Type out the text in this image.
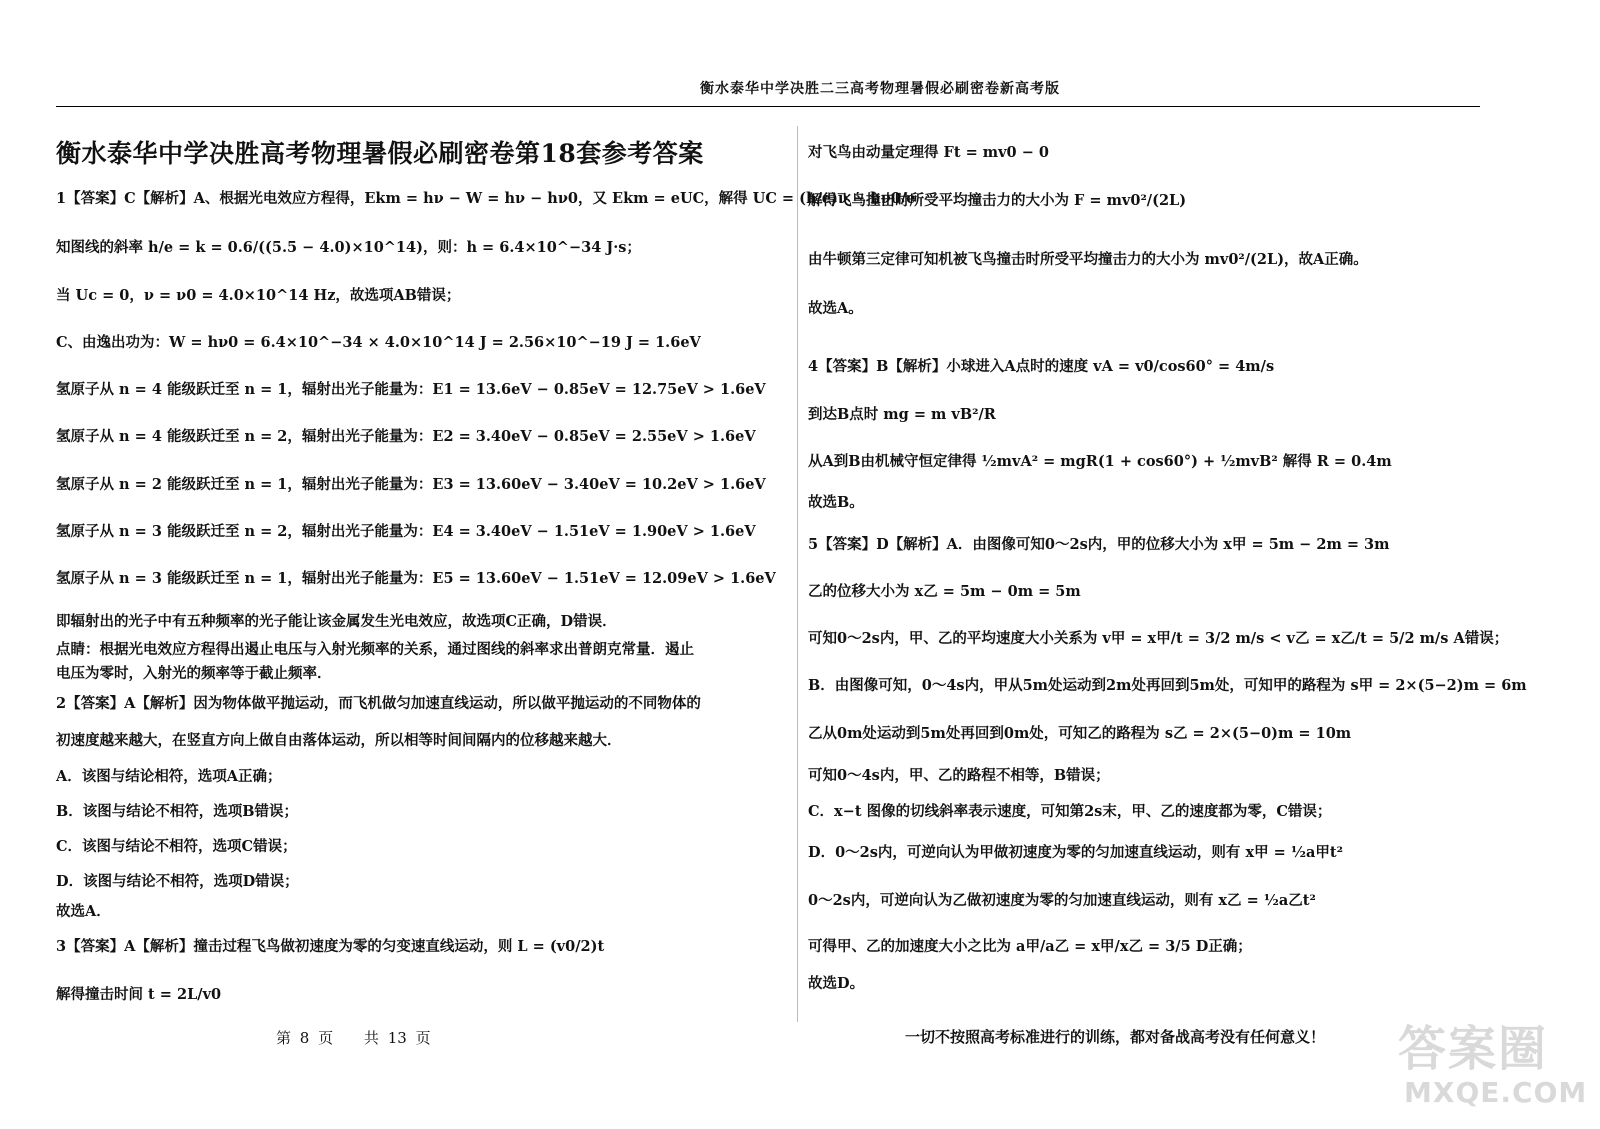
衡水泰华中学决胜二三高考物理暑假必刷密卷新高考版
衡水泰华中学决胜高考物理暑假必刷密卷第18套参考答案
1【答案】C【解析】A、根据光电效应方程得，Ekm = hν − W = hν − hν0，又 Ekm = eUC，解得 UC = (h/e)ν − hν0/e
知图线的斜率 h/e = k = 0.6/((5.5 − 4.0)×10^14)，则：h = 6.4×10^−34 J·s；
当 Uc = 0，ν = ν0 = 4.0×10^14 Hz，故选项AB错误；
C、由逸出功为：W = hν0 = 6.4×10^−34 × 4.0×10^14 J = 2.56×10^−19 J = 1.6eV
氢原子从 n = 4 能级跃迁至 n = 1，辐射出光子能量为：E1 = 13.6eV − 0.85eV = 12.75eV > 1.6eV
氢原子从 n = 4 能级跃迁至 n = 2，辐射出光子能量为：E2 = 3.40eV − 0.85eV = 2.55eV > 1.6eV
氢原子从 n = 2 能级跃迁至 n = 1，辐射出光子能量为：E3 = 13.60eV − 3.40eV = 10.2eV > 1.6eV
氢原子从 n = 3 能级跃迁至 n = 2，辐射出光子能量为：E4 = 3.40eV − 1.51eV = 1.90eV > 1.6eV
氢原子从 n = 3 能级跃迁至 n = 1，辐射出光子能量为：E5 = 13.60eV − 1.51eV = 12.09eV > 1.6eV
即辐射出的光子中有五种频率的光子能让该金属发生光电效应，故选项C正确，D错误．
点睛：根据光电效应方程得出遏止电压与入射光频率的关系，通过图线的斜率求出普朗克常量．遏止
电压为零时，入射光的频率等于截止频率．
2【答案】A【解析】因为物体做平抛运动，而飞机做匀加速直线运动，所以做平抛运动的不同物体的
初速度越来越大，在竖直方向上做自由落体运动，所以相等时间间隔内的位移越来越大．
A．该图与结论相符，选项A正确；
B．该图与结论不相符，选项B错误；
C．该图与结论不相符，选项C错误；
D．该图与结论不相符，选项D错误；
故选A．
3【答案】A【解析】撞击过程飞鸟做初速度为零的匀变速直线运动，则 L = (v0/2)t
解得撞击时间 t = 2L/v0
对飞鸟由动量定理得 Ft = mv0 − 0
解得飞鸟撞击时所受平均撞击力的大小为 F = mv0²/(2L)
由牛顿第三定律可知机被飞鸟撞击时所受平均撞击力的大小为 mv0²/(2L)，故A正确。
故选A。
4【答案】B【解析】小球进入A点时的速度 vA = v0/cos60° = 4m/s
到达B点时 mg = m vB²/R
从A到B由机械守恒定律得 ½mvA² = mgR(1 + cos60°) + ½mvB² 解得 R = 0.4m
故选B。
5【答案】D【解析】A．由图像可知0～2s内，甲的位移大小为 x甲 = 5m − 2m = 3m
乙的位移大小为 x乙 = 5m − 0m = 5m
可知0～2s内，甲、乙的平均速度大小关系为 v甲 = x甲/t = 3/2 m/s < v乙 = x乙/t = 5/2 m/s A错误；
B．由图像可知，0～4s内，甲从5m处运动到2m处再回到5m处，可知甲的路程为 s甲 = 2×(5−2)m = 6m
乙从0m处运动到5m处再回到0m处，可知乙的路程为 s乙 = 2×(5−0)m = 10m
可知0～4s内，甲、乙的路程不相等，B错误；
C．x−t 图像的切线斜率表示速度，可知第2s末，甲、乙的速度都为零，C错误；
D．0～2s内，可逆向认为甲做初速度为零的匀加速直线运动，则有 x甲 = ½a甲t²
0～2s内，可逆向认为乙做初速度为零的匀加速直线运动，则有 x乙 = ½a乙t²
可得甲、乙的加速度大小之比为 a甲/a乙 = x甲/x乙 = 3/5 D正确；
故选D。
第 8 页 共 13 页	一切不按照高考标准进行的训练，都对备战高考没有任何意义！ 答案圈
MXQE.COM
